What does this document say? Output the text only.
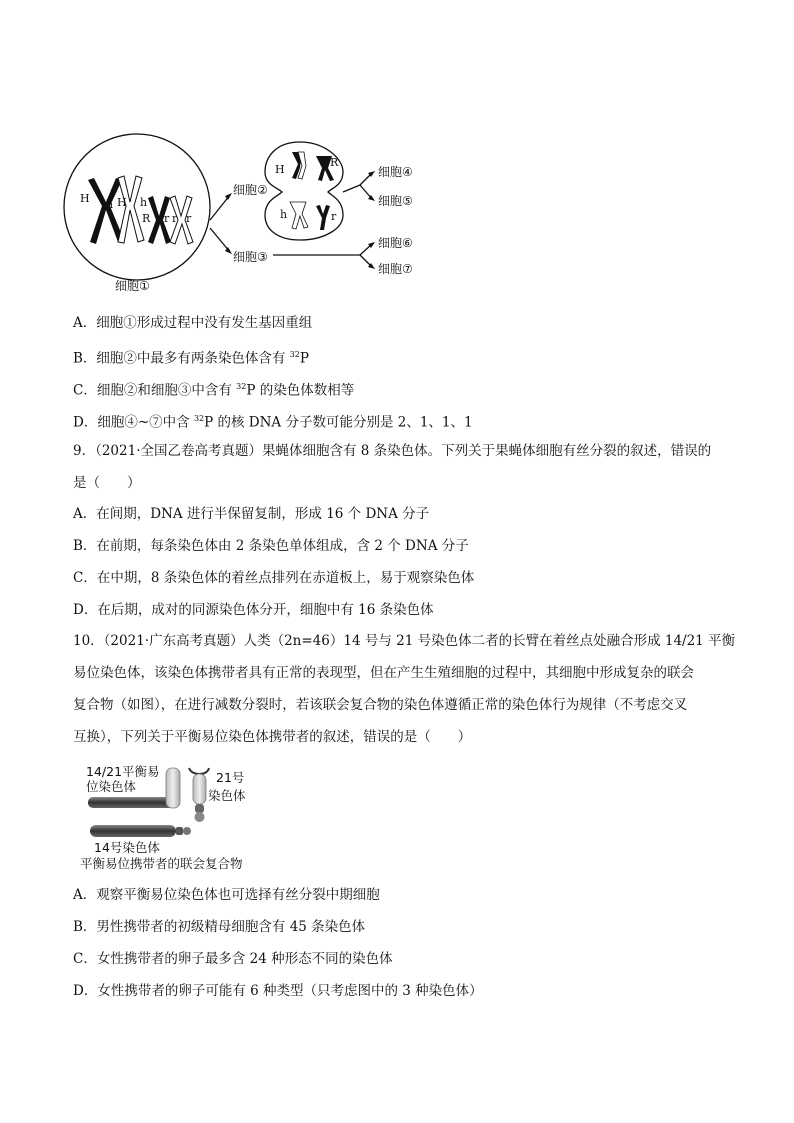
H h H h
R r r r
H
R
h	r
细胞①
细胞②
细胞③
细胞④
细胞⑤
细胞⑥
细胞⑦
A．细胞①形成过程中没有发生基因重组
B．细胞②中最多有两条染色体含有 $^{32}$P
C．细胞②和细胞③中含有 $^{32}$P 的染色体数相等
D．细胞④~⑦中含 $^{32}$P 的核 DNA 分子数可能分别是 2、1、1、1
9．（2021·全国乙卷高考真题）果蝇体细胞含有 8 条染色体。下列关于果蝇体细胞有丝分裂的叙述，错误的
是（　　）
A．在间期，DNA 进行半保留复制，形成 16 个 DNA 分子
B．在前期，每条染色体由 2 条染色单体组成，含 2 个 DNA 分子
C．在中期，8 条染色体的着丝点排列在赤道板上，易于观察染色体
D．在后期，成对的同源染色体分开，细胞中有 16 条染色体
10．（2021·广东高考真题）人类（2n=46）14 号与 21 号染色体二者的长臂在着丝点处融合形成 14/21 平衡
易位染色体，该染色体携带者具有正常的表现型，但在产生生殖细胞的过程中，其细胞中形成复杂的联会
复合物（如图），在进行减数分裂时，若该联会复合物的染色体遵循正常的染色体行为规律（不考虑交叉
互换），下列关于平衡易位染色体携带者的叙述，错误的是（　　）
14/21平衡易
位染色体
21号
染色体
14号染色体
平衡易位携带者的联会复合物
A．观察平衡易位染色体也可选择有丝分裂中期细胞
B．男性携带者的初级精母细胞含有 45 条染色体
C．女性携带者的卵子最多含 24 种形态不同的染色体
D．女性携带者的卵子可能有 6 种类型（只考虑图中的 3 种染色体）
